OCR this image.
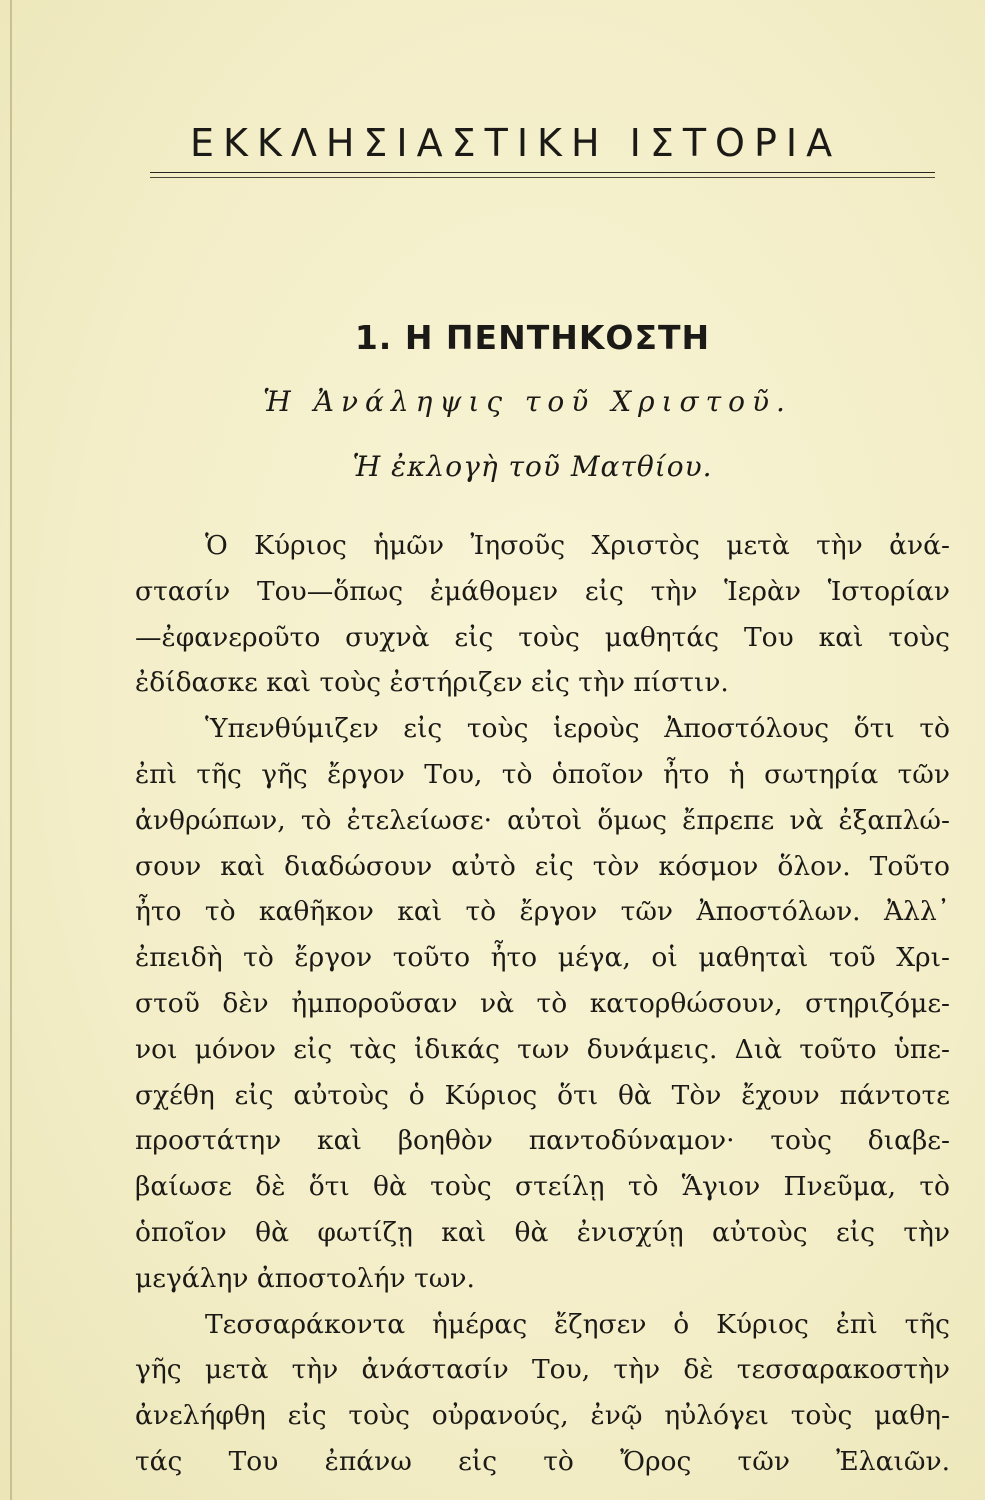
ΕΚΚΛΗΣΙΑΣΤΙΚΗ ΙΣΤΟΡΙΑ
1. Η ΠΕΝΤΗΚΟΣΤΗ
Ἡ Ἀνάληψις τοῦ Χριστοῦ.
Ἡ ἐκλογὴ τοῦ Ματθίου.
Ὁ Κύριος ἡμῶν Ἰησοῦς Χριστὸς μετὰ τὴν ἀνά-
στασίν Του—ὅπως ἐμάθομεν εἰς τὴν Ἱερὰν Ἱστορίαν
—ἐφανεροῦτο συχνὰ εἰς τοὺς μαθητάς Του καὶ τοὺς
ἐδίδασκε καὶ τοὺς ἐστήριζεν εἰς τὴν πίστιν.
Ὑπενθύμιζεν εἰς τοὺς ἱεροὺς Ἀποστόλους ὅτι τὸ
ἐπὶ τῆς γῆς ἔργον Του, τὸ ὁποῖον ἦτο ἡ σωτηρία τῶν
ἀνθρώπων, τὸ ἐτελείωσε· αὐτοὶ ὅμως ἔπρεπε νὰ ἐξαπλώ-
σουν καὶ διαδώσουν αὐτὸ εἰς τὸν κόσμον ὅλον. Τοῦτο
ἦτο τὸ καθῆκον καὶ τὸ ἔργον τῶν Ἀποστόλων. Ἀλλ᾽
ἐπειδὴ τὸ ἔργον τοῦτο ἦτο μέγα, οἱ μαθηταὶ τοῦ Χρι-
στοῦ δὲν ἠμποροῦσαν νὰ τὸ κατορθώσουν, στηριζόμε-
νοι μόνον εἰς τὰς ἰδικάς των δυνάμεις. Διὰ τοῦτο ὑπε-
σχέθη εἰς αὐτοὺς ὁ Κύριος ὅτι θὰ Τὸν ἔχουν πάντοτε
προστάτην καὶ βοηθὸν παντοδύναμον· τοὺς διαβε-
βαίωσε δὲ ὅτι θὰ τοὺς στείλῃ τὸ Ἅγιον Πνεῦμα, τὸ
ὁποῖον θὰ φωτίζῃ καὶ θὰ ἐνισχύῃ αὐτοὺς εἰς τὴν
μεγάλην ἀποστολήν των.
Τεσσαράκοντα ἡμέρας ἔζησεν ὁ Κύριος ἐπὶ τῆς
γῆς μετὰ τὴν ἀνάστασίν Του, τὴν δὲ τεσσαρακοστὴν
ἀνελήφθη εἰς τοὺς οὐρανούς, ἐνῷ ηὐλόγει τοὺς μαθη-
τάς Του ἐπάνω εἰς τὸ Ὄρος τῶν Ἐλαιῶν.
